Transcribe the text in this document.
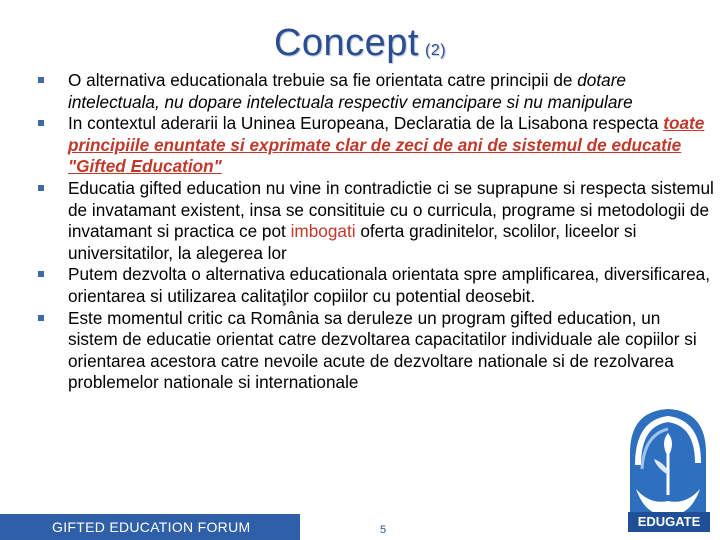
Concept (2)
O alternativa educationala trebuie sa fie orientata catre principii de dotare intelectuala, nu dopare intelectuala respectiv emancipare si nu manipulare
In contextul aderarii la Uninea Europeana, Declaratia de la Lisabona respecta toate principiile enuntate si exprimate clar de zeci de ani de sistemul de educatie "Gifted Education"
Educatia gifted education nu vine in contradictie ci se suprapune si respecta sistemul de invatamant existent, insa se consitituie cu o curricula, programe si metodologii de invatamant si practica ce pot imbogati oferta gradinitelor, scolilor, liceelor si universitatilor, la alegerea lor
Putem dezvolta o alternativa educationala orientata spre amplificarea, diversificarea, orientarea si utilizarea calitaţilor copiilor cu potential deosebit.
Este momentul critic ca România sa deruleze un program gifted education, un sistem de educatie orientat catre dezvoltarea capacitatilor individuale ale copiilor si orientarea acestora catre nevoile acute de dezvoltare nationale si de rezolvarea problemelor nationale si internationale
GIFTED EDUCATION FORUM	5
EDUGATE
